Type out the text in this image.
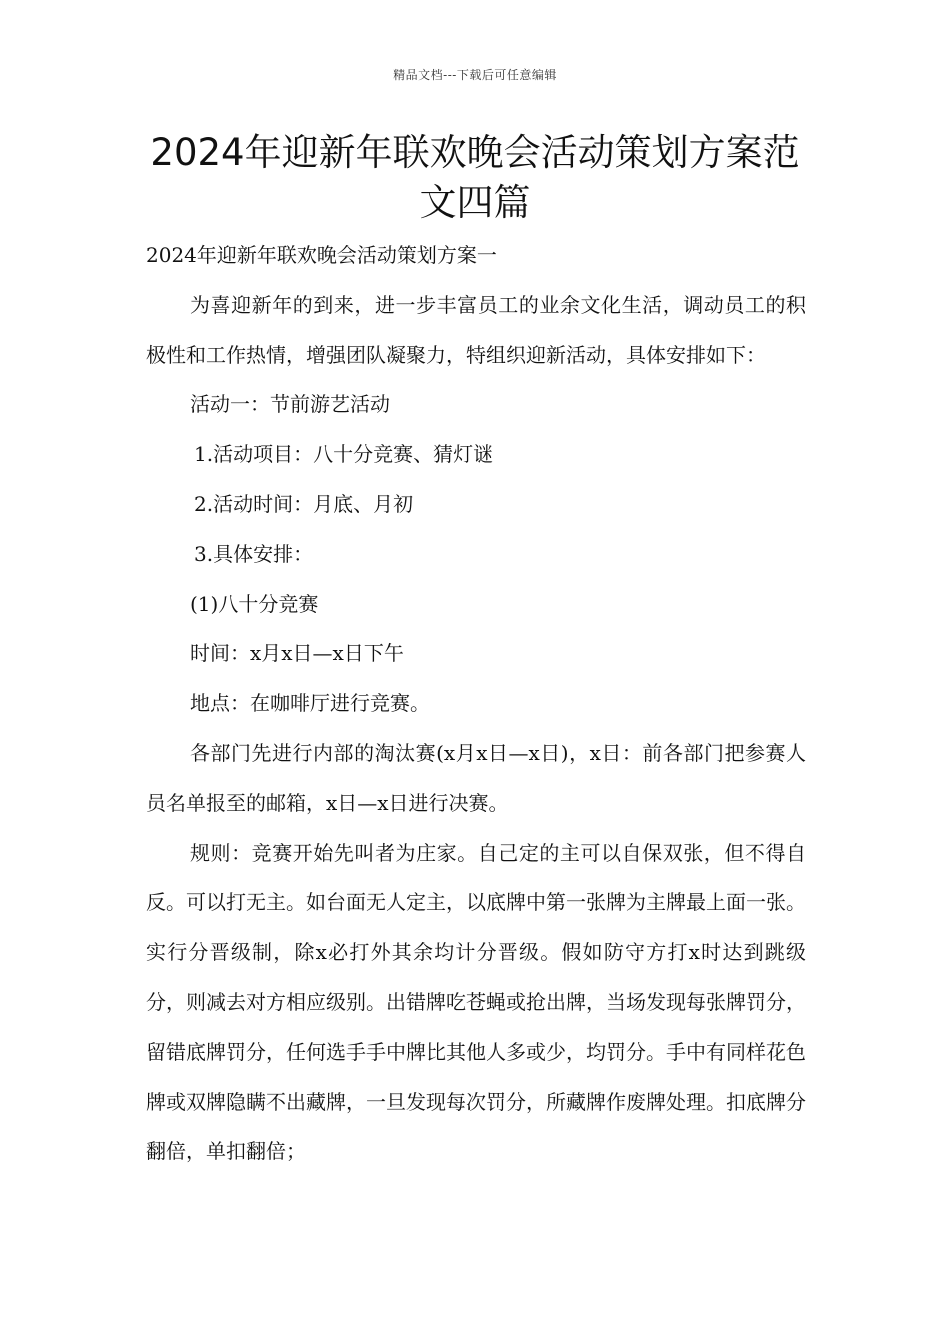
精品文档---下载后可任意编辑
2024年迎新年联欢晚会活动策划方案范
文四篇

2024年迎新年联欢晚会活动策划方案一

为喜迎新年的到来，进一步丰富员工的业余文化生活，调动员工的积极性和工作热情，增强团队凝聚力，特组织迎新活动，具体安排如下：

活动一：节前游艺活动

1.活动项目：八十分竞赛、猜灯谜

2.活动时间：月底、月初

3.具体安排：

(1)八十分竞赛

时间：x月x日—x日下午

地点：在咖啡厅进行竞赛。

各部门先进行内部的淘汰赛(x月x日—x日)，x日：前各部门把参赛人员名单报至的邮箱，x日—x日进行决赛。

规则：竞赛开始先叫者为庄家。自己定的主可以自保双张，但不得自反。可以打无主。如台面无人定主，以底牌中第一张牌为主牌最上面一张。实行分晋级制，除x必打外其余均计分晋级。假如防守方打x时达到跳级分，则减去对方相应级别。出错牌吃苍蝇或抢出牌，当场发现每张牌罚分，留错底牌罚分，任何选手手中牌比其他人多或少，均罚分。手中有同样花色牌或双牌隐瞒不出藏牌，一旦发现每次罚分，所藏牌作废牌处理。扣底牌分翻倍，单扣翻倍；
